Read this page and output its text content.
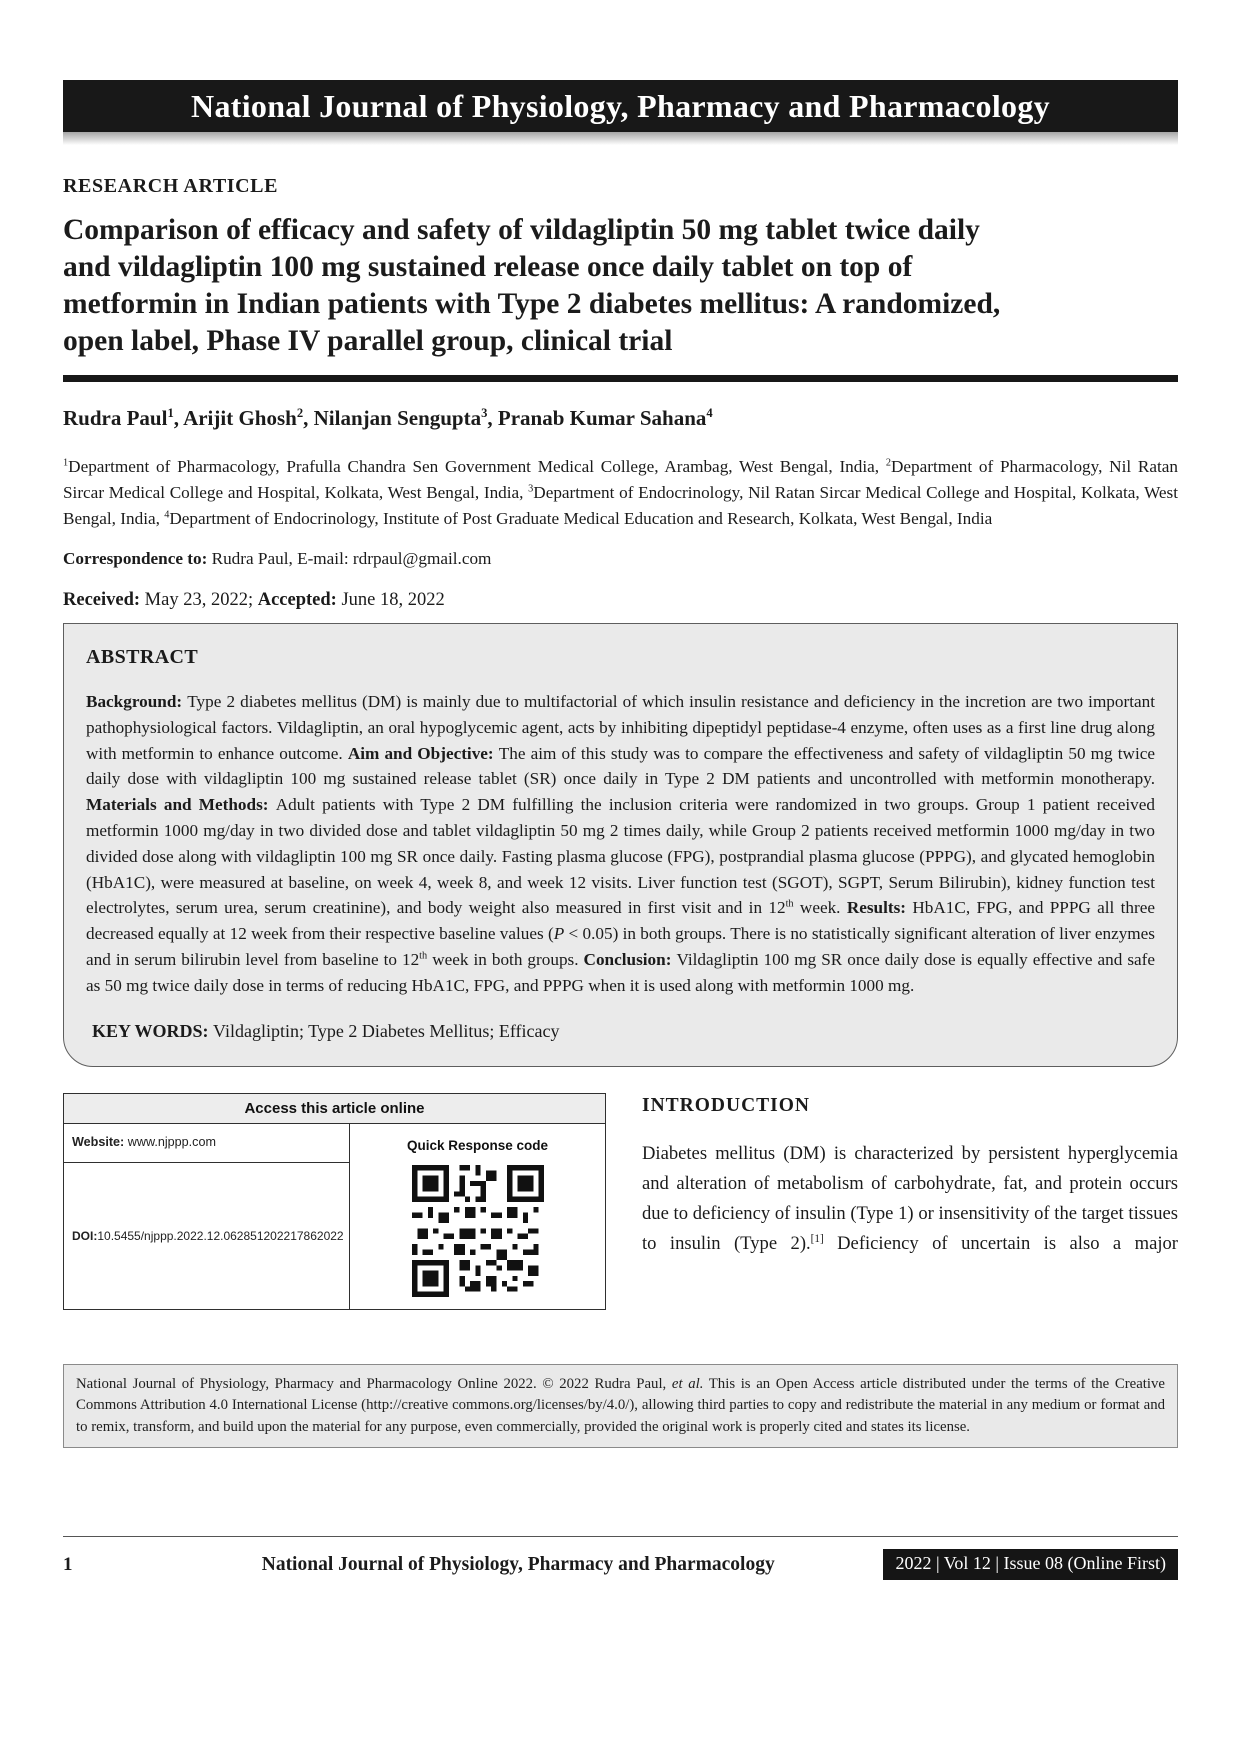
National Journal of Physiology, Pharmacy and Pharmacology
RESEARCH ARTICLE
Comparison of efficacy and safety of vildagliptin 50 mg tablet twice daily
and vildagliptin 100 mg sustained release once daily tablet on top of
metformin in Indian patients with Type 2 diabetes mellitus: A randomized,
open label, Phase IV parallel group, clinical trial

Rudra Paul$^1$, Arijit Ghosh$^2$, Nilanjan Sengupta$^3$, Pranab Kumar Sahana$^4$

$^1$Department of Pharmacology, Prafulla Chandra Sen Government Medical College, Arambag, West Bengal, India, $^2$Department of Pharmacology, Nil Ratan Sircar Medical College and Hospital, Kolkata, West Bengal, India, $^3$Department of Endocrinology, Nil Ratan Sircar Medical College and Hospital, Kolkata, West Bengal, India, $^4$Department of Endocrinology, Institute of Post Graduate Medical Education and Research, Kolkata, West Bengal, India

Correspondence to: Rudra Paul, E-mail: rdrpaul@gmail.com

Received: May 23, 2022; Accepted: June 18, 2022

ABSTRACT

Background: Type 2 diabetes mellitus (DM) is mainly due to multifactorial of which insulin resistance and deficiency in the incretion are two important pathophysiological factors. Vildagliptin, an oral hypoglycemic agent, acts by inhibiting dipeptidyl peptidase-4 enzyme, often uses as a first line drug along with metformin to enhance outcome. Aim and Objective: The aim of this study was to compare the effectiveness and safety of vildagliptin 50 mg twice daily dose with vildagliptin 100 mg sustained release tablet (SR) once daily in Type 2 DM patients and uncontrolled with metformin monotherapy. Materials and Methods: Adult patients with Type 2 DM fulfilling the inclusion criteria were randomized in two groups. Group 1 patient received metformin 1000 mg/day in two divided dose and tablet vildagliptin 50 mg 2 times daily, while Group 2 patients received metformin 1000 mg/day in two divided dose along with vildagliptin 100 mg SR once daily. Fasting plasma glucose (FPG), postprandial plasma glucose (PPPG), and glycated hemoglobin (HbA1C), were measured at baseline, on week 4, week 8, and week 12 visits. Liver function test (SGOT), SGPT, Serum Bilirubin), kidney function test electrolytes, serum urea, serum creatinine), and body weight also measured in first visit and in 12th week. Results: HbA1C, FPG, and PPPG all three decreased equally at 12 week from their respective baseline values (P < 0.05) in both groups. There is no statistically significant alteration of liver enzymes and in serum bilirubin level from baseline to 12th week in both groups. Conclusion: Vildagliptin 100 mg SR once daily dose is equally effective and safe as 50 mg twice daily dose in terms of reducing HbA1C, FPG, and PPPG when it is used along with metformin 1000 mg.

KEY WORDS: Vildagliptin; Type 2 Diabetes Mellitus; Efficacy

Access this article online
Website: www.njppp.com
DOI: 10.5455/njppp.2022.12.062851202217862022
Quick Response code
INTRODUCTION

Diabetes mellitus (DM) is characterized by persistent hyperglycemia and alteration of metabolism of carbohydrate, fat, and protein occurs due to deficiency of insulin (Type 1) or insensitivity of the target tissues to insulin (Type 2).[1] Deficiency of uncertain is also a major

National Journal of Physiology, Pharmacy and Pharmacology Online 2022. © 2022 Rudra Paul, et al. This is an Open Access article distributed under the terms of the Creative Commons Attribution 4.0 International License (http://creative commons.org/licenses/by/4.0/), allowing third parties to copy and redistribute the material in any medium or format and to remix, transform, and build upon the material for any purpose, even commercially, provided the original work is properly cited and states its license.
1	National Journal of Physiology, Pharmacy and Pharmacology	2022 | Vol 12 | Issue 08 (Online First)
